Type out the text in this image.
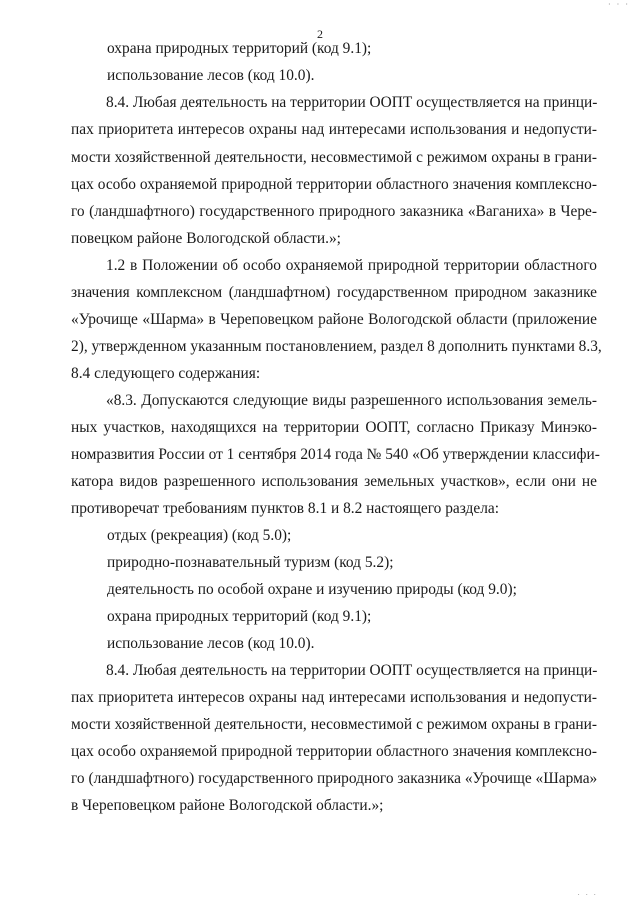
· · ·
2
охрана природных территорий (код 9.1);
использование лесов (код 10.0).
8.4. Любая деятельность на территории ООПТ осуществляется на принци-
пах приоритета интересов охраны над интересами использования и недопусти-
мости хозяйственной деятельности, несовместимой с режимом охраны в грани-
цах особо охраняемой природной территории областного значения комплексно-
го (ландшафтного) государственного природного заказника «Ваганиха» в Чере-
повецком районе Вологодской области.»;
1.2 в Положении об особо охраняемой природной территории областного
значения комплексном (ландшафтном) государственном природном заказнике
«Урочище «Шарма» в Череповецком районе Вологодской области (приложение
2), утвержденном указанным постановлением, раздел 8 дополнить пунктами 8.3,
8.4 следующего содержания:
«8.3. Допускаются следующие виды разрешенного использования земель-
ных участков, находящихся на территории ООПТ, согласно Приказу Минэко-
номразвития России от 1 сентября 2014 года № 540 «Об утверждении классифи-
катора видов разрешенного использования земельных участков», если они не
противоречат требованиям пунктов 8.1 и 8.2 настоящего раздела:
отдых (рекреация) (код 5.0);
природно-познавательный туризм (код 5.2);
деятельность по особой охране и изучению природы (код 9.0);
охрана природных территорий (код 9.1);
использование лесов (код 10.0).
8.4. Любая деятельность на территории ООПТ осуществляется на принци-
пах приоритета интересов охраны над интересами использования и недопусти-
мости хозяйственной деятельности, несовместимой с режимом охраны в грани-
цах особо охраняемой природной территории областного значения комплексно-
го (ландшафтного) государственного природного заказника «Урочище «Шарма»
в Череповецком районе Вологодской области.»;
· · ·
